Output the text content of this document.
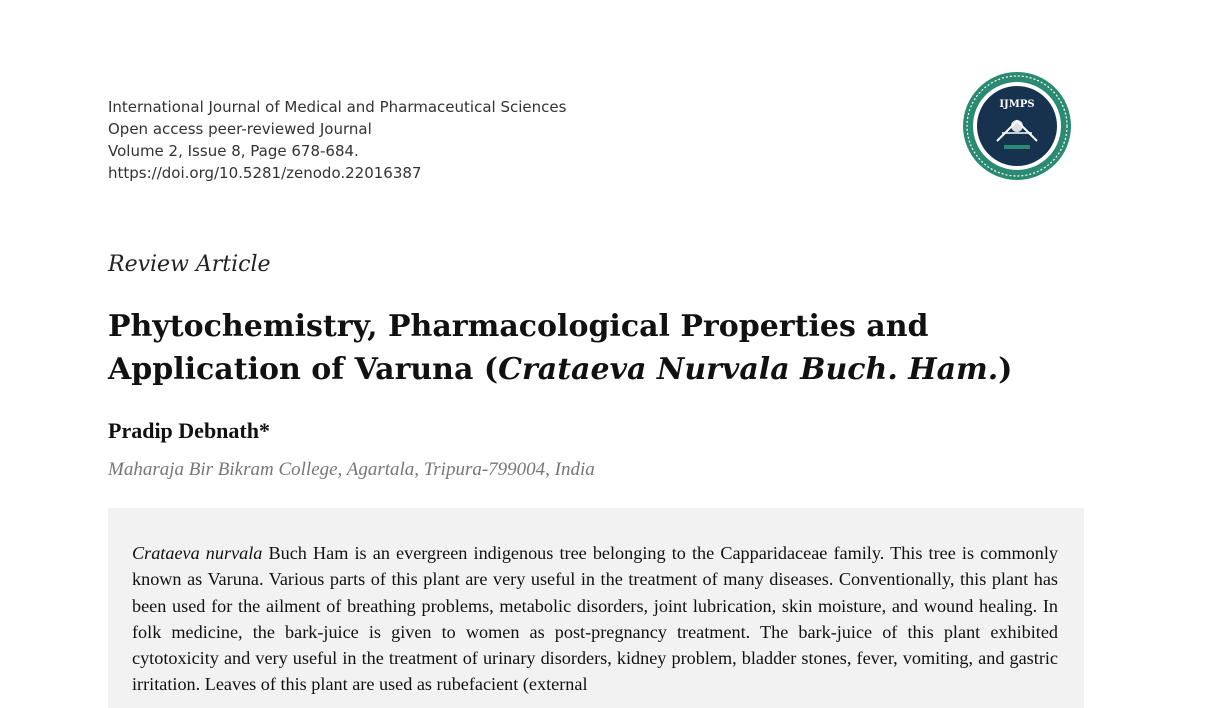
International Journal of Medical and Pharmaceutical Sciences
Open access peer-reviewed Journal
Volume 2, Issue 8, Page 678-684.
https://doi.org/10.5281/zenodo.22016387
IJMPS
Review Article
Phytochemistry, Pharmacological Properties and Application of Varuna (Crataeva Nurvala Buch. Ham.)
Pradip Debnath*
Maharaja Bir Bikram College, Agartala, Tripura-799004, India
Crataeva nurvala Buch Ham is an evergreen indigenous tree belonging to the Capparidaceae family. This tree is commonly known as Varuna. Various parts of this plant are very useful in the treatment of many diseases. Conventionally, this plant has been used for the ailment of breathing problems, metabolic disorders, joint lubrication, skin moisture, and wound healing. In folk medicine, the bark-juice is given to women as post-pregnancy treatment. The bark-juice of this plant exhibited cytotoxicity and very useful in the treatment of urinary disorders, kidney problem, bladder stones, fever, vomiting, and gastric irritation. Leaves of this plant are used as rubefacient (external
